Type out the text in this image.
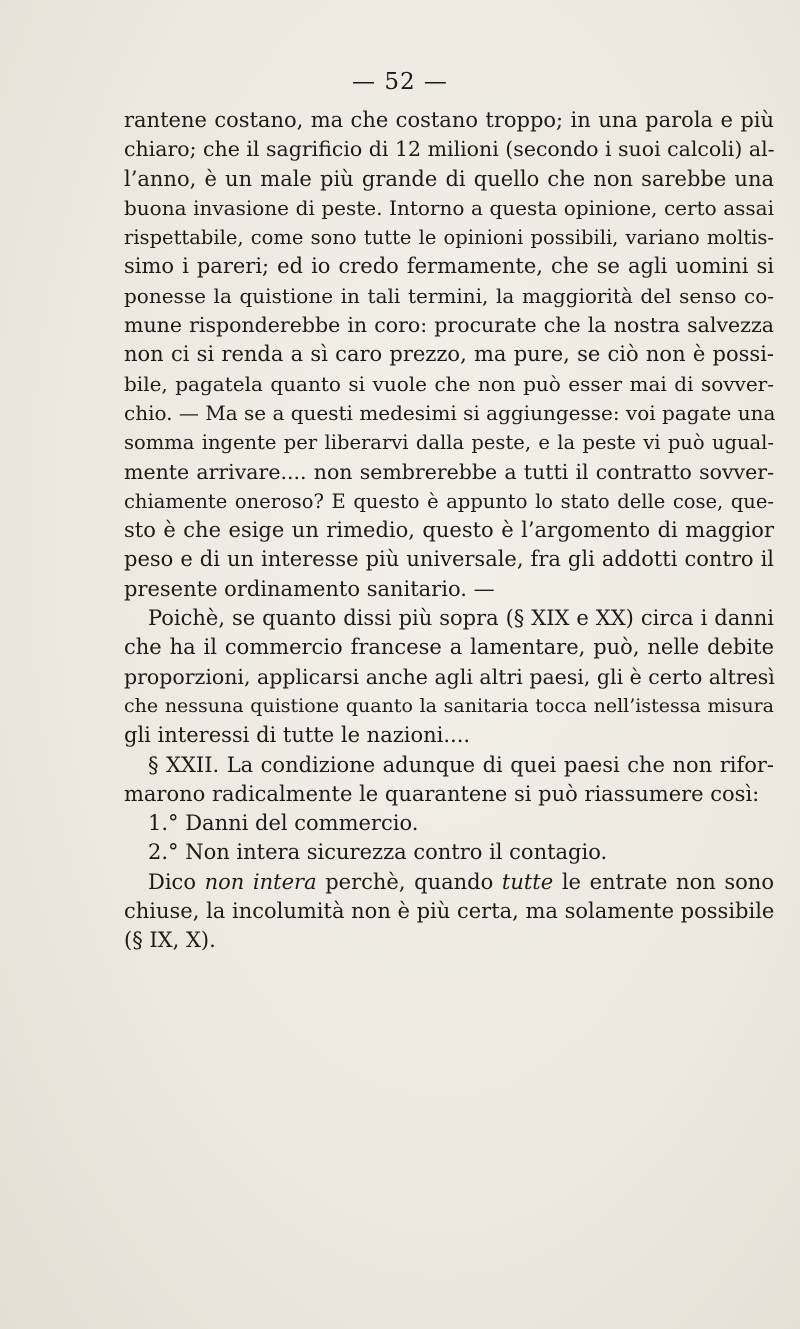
— 52 —
rantene costano, ma che costano troppo; in una parola e più
chiaro; che il sagrificio di 12 milioni (secondo i suoi calcoli) al-
l’anno, è un male più grande di quello che non sarebbe una
buona invasione di peste. Intorno a questa opinione, certo assai
rispettabile, come sono tutte le opinioni possibili, variano moltis-
simo i pareri; ed io credo fermamente, che se agli uomini si
ponesse la quistione in tali termini, la maggiorità del senso co-
mune risponderebbe in coro: procurate che la nostra salvezza
non ci si renda a sì caro prezzo, ma pure, se ciò non è possi-
bile, pagatela quanto si vuole che non può esser mai di sovver-
chio. — Ma se a questi medesimi si aggiungesse: voi pagate una
somma ingente per liberarvi dalla peste, e la peste vi può ugual-
mente arrivare.... non sembrerebbe a tutti il contratto sovver-
chiamente oneroso? E questo è appunto lo stato delle cose, que-
sto è che esige un rimedio, questo è l’argomento di maggior
peso e di un interesse più universale, fra gli addotti contro il
presente ordinamento sanitario. —
Poichè, se quanto dissi più sopra (§ XIX e XX) circa i danni
che ha il commercio francese a lamentare, può, nelle debite
proporzioni, applicarsi anche agli altri paesi, gli è certo altresì
che nessuna quistione quanto la sanitaria tocca nell’istessa misura
gli interessi di tutte le nazioni....
§ XXII. La condizione adunque di quei paesi che non rifor-
marono radicalmente le quarantene si può riassumere così:
1.° Danni del commercio.
2.° Non intera sicurezza contro il contagio.
Dico non intera perchè, quando tutte le entrate non sono
chiuse, la incolumità non è più certa, ma solamente possibile
(§ IX, X).
